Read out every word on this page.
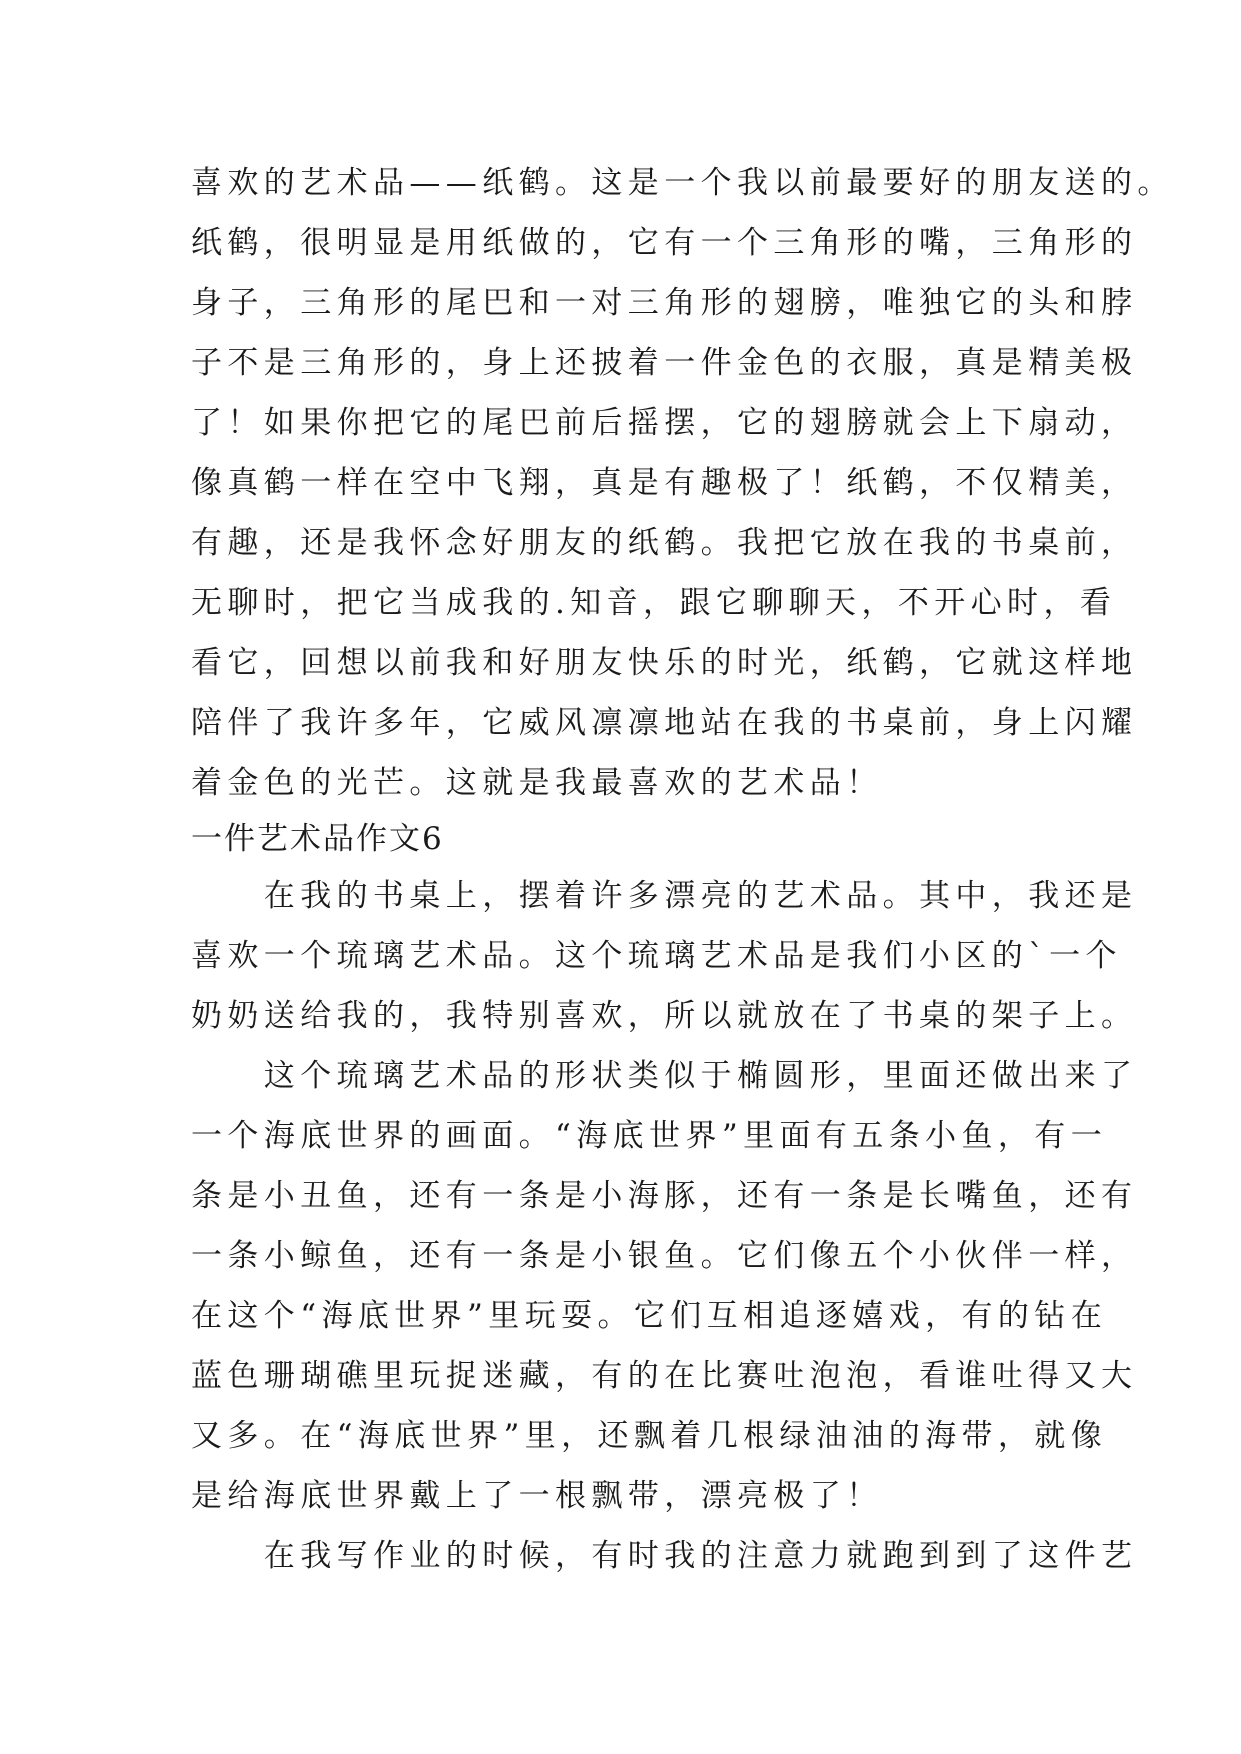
喜欢的艺术品——纸鹤。这是一个我以前最要好的朋友送的。
纸鹤，很明显是用纸做的，它有一个三角形的嘴，三角形的
身子，三角形的尾巴和一对三角形的翅膀，唯独它的头和脖
子不是三角形的，身上还披着一件金色的衣服，真是精美极
了！如果你把它的尾巴前后摇摆，它的翅膀就会上下扇动，
像真鹤一样在空中飞翔，真是有趣极了！纸鹤，不仅精美，
有趣，还是我怀念好朋友的纸鹤。我把它放在我的书桌前，
无聊时，把它当成我的.知音，跟它聊聊天，不开心时，看
看它，回想以前我和好朋友快乐的时光，纸鹤，它就这样地
陪伴了我许多年，它威风凛凛地站在我的书桌前，身上闪耀
着金色的光芒。这就是我最喜欢的艺术品！
一件艺术品作文6
　　在我的书桌上，摆着许多漂亮的艺术品。其中，我还是
喜欢一个琉璃艺术品。这个琉璃艺术品是我们小区的`一个
奶奶送给我的，我特别喜欢，所以就放在了书桌的架子上。
　　这个琉璃艺术品的形状类似于椭圆形，里面还做出来了
一个海底世界的画面。“海底世界”里面有五条小鱼，有一
条是小丑鱼，还有一条是小海豚，还有一条是长嘴鱼，还有
一条小鲸鱼，还有一条是小银鱼。它们像五个小伙伴一样，
在这个“海底世界”里玩耍。它们互相追逐嬉戏，有的钻在
蓝色珊瑚礁里玩捉迷藏，有的在比赛吐泡泡，看谁吐得又大
又多。在“海底世界”里，还飘着几根绿油油的海带，就像
是给海底世界戴上了一根飘带，漂亮极了！
　　在我写作业的时候，有时我的注意力就跑到到了这件艺
